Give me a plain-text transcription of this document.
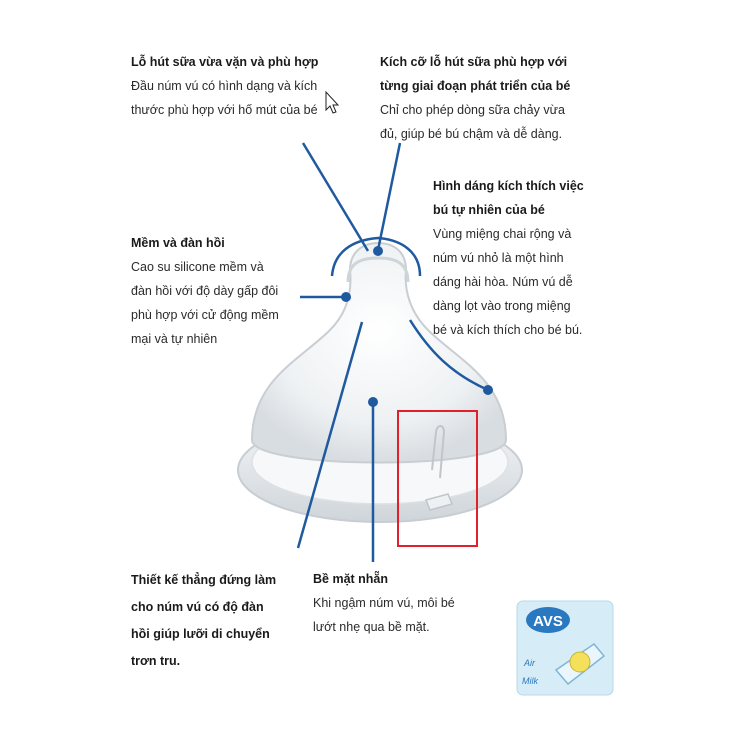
Lỗ hút sữa vừa vặn và phù hợp
Đầu núm vú có hình dạng và kích
thước phù hợp với hố mút của bé
Kích cỡ lỗ hút sữa phù hợp với
từng giai đoạn phát triển của bé
Chỉ cho phép dòng sữa chảy vừa
đủ, giúp bé bú chậm và dễ dàng.
Hình dáng kích thích việc
bú tự nhiên của bé
Vùng miệng chai rộng và
núm vú nhỏ là một hình
dáng hài hòa. Núm vú dễ
dàng lọt vào trong miệng
bé và kích thích cho bé bú.
Mềm và đàn hồi
Cao su silicone mềm và
đàn hồi với độ dày gấp đôi
phù hợp với cử động mềm
mại và tự nhiên
Thiết kế thẳng đứng làm
cho núm vú có độ đàn
hồi giúp lưỡi di chuyển
trơn tru.
Bề mặt nhẵn
Khi ngậm núm vú, môi bé
lướt nhẹ qua bề mặt.	AVS
Air
Milk
